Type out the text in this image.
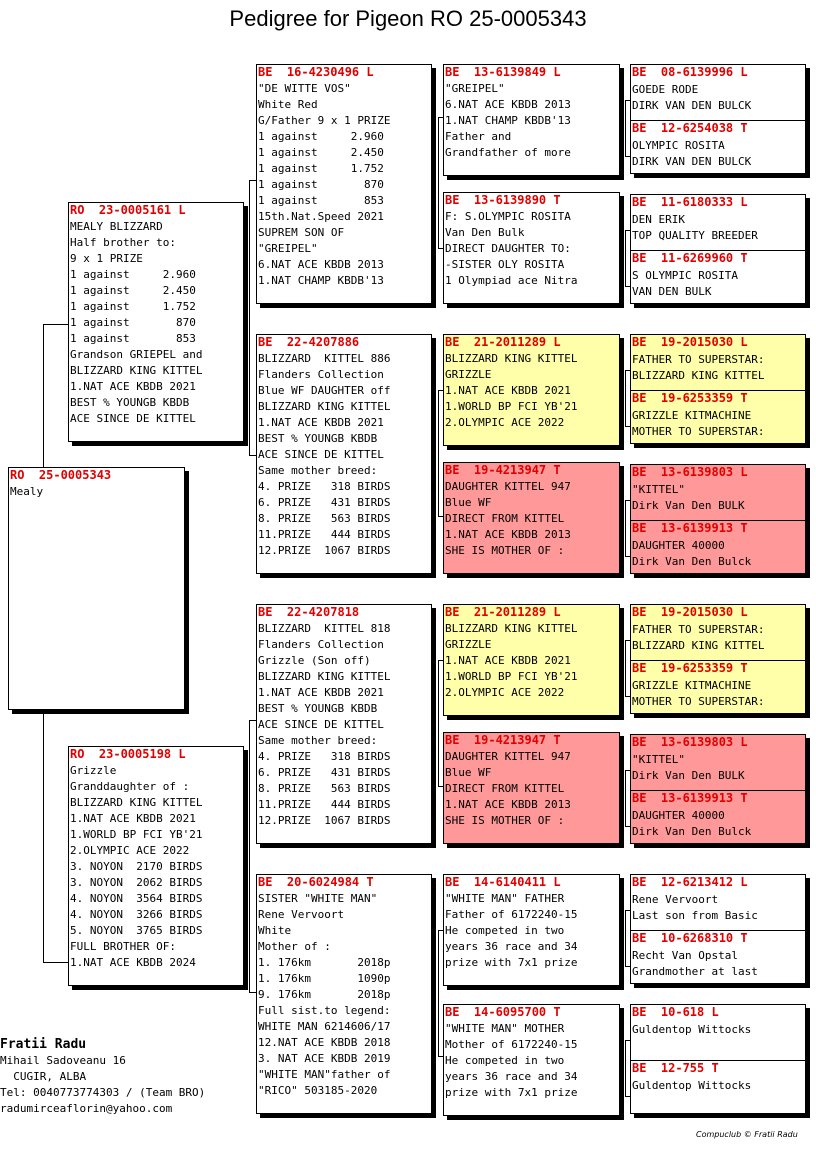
Pedigree for Pigeon RO 25-0005343
RO  25-0005343
Mealy
RO  23-0005161 L
MEALY BLIZZARD
Half brother to:
9 x 1 PRIZE
1 against     2.960
1 against     2.450
1 against     1.752
1 against       870
1 against       853
Grandson GRIEPEL and
BLIZZARD KING KITTEL
1.NAT ACE KBDB 2021
BEST % YOUNGB KBDB
ACE SINCE DE KITTEL
RO  23-0005198 L
Grizzle
Granddaughter of :
BLIZZARD KING KITTEL
1.NAT ACE KBDB 2021
1.WORLD BP FCI YB'21
2.OLYMPIC ACE 2022
3. NOYON  2170 BIRDS
3. NOYON  2062 BIRDS
4. NOYON  3564 BIRDS
4. NOYON  3266 BIRDS
5. NOYON  3765 BIRDS
FULL BROTHER OF:
1.NAT ACE KBDB 2024
BE  16-4230496 L
"DE WITTE VOS"
White Red
G/Father 9 x 1 PRIZE
1 against     2.960
1 against     2.450
1 against     1.752
1 against       870
1 against       853
15th.Nat.Speed 2021
SUPREM SON OF
"GREIPEL"
6.NAT ACE KBDB 2013
1.NAT CHAMP KBDB'13
BE  22-4207886
BLIZZARD  KITTEL 886
Flanders Collection
Blue WF DAUGHTER off
BLIZZARD KING KITTEL
1.NAT ACE KBDB 2021
BEST % YOUNGB KBDB
ACE SINCE DE KITTEL
Same mother breed:
4. PRIZE   318 BIRDS
6. PRIZE   431 BIRDS
8. PRIZE   563 BIRDS
11.PRIZE   444 BIRDS
12.PRIZE  1067 BIRDS
BE  22-4207818
BLIZZARD  KITTEL 818
Flanders Collection
Grizzle (Son off)
BLIZZARD KING KITTEL
1.NAT ACE KBDB 2021
BEST % YOUNGB KBDB
ACE SINCE DE KITTEL
Same mother breed:
4. PRIZE   318 BIRDS
6. PRIZE   431 BIRDS
8. PRIZE   563 BIRDS
11.PRIZE   444 BIRDS
12.PRIZE  1067 BIRDS
BE  20-6024984 T
SISTER "WHITE MAN"
Rene Vervoort
White
Mother of :
1. 176km       2018p
1. 176km       1090p
9. 176km       2018p
Full sist.to legend:
WHITE MAN 6214606/17
12.NAT ACE KBDB 2018
3. NAT ACE KBDB 2019
"WHITE MAN"father of
"RICO" 503185-2020
BE  13-6139849 L
"GREIPEL"
6.NAT ACE KBDB 2013
1.NAT CHAMP KBDB'13
Father and
Grandfather of more
BE  13-6139890 T
F: S.OLYMPIC ROSITA
Van Den Bulk
DIRECT DAUGHTER TO:
-SISTER OLY ROSITA
1 Olympiad ace Nitra
BE  21-2011289 L
BLIZZARD KING KITTEL
GRIZZLE
1.NAT ACE KBDB 2021
1.WORLD BP FCI YB'21
2.OLYMPIC ACE 2022
BE  19-4213947 T
DAUGHTER KITTEL 947
Blue WF
DIRECT FROM KITTEL
1.NAT ACE KBDB 2013
SHE IS MOTHER OF :
BE  21-2011289 L
BLIZZARD KING KITTEL
GRIZZLE
1.NAT ACE KBDB 2021
1.WORLD BP FCI YB'21
2.OLYMPIC ACE 2022
BE  19-4213947 T
DAUGHTER KITTEL 947
Blue WF
DIRECT FROM KITTEL
1.NAT ACE KBDB 2013
SHE IS MOTHER OF :
BE  14-6140411 L
"WHITE MAN" FATHER
Father of 6172240-15
He competed in two
years 36 race and 34
prize with 7x1 prize
BE  14-6095700 T
"WHITE MAN" MOTHER
Mother of 6172240-15
He competed in two
years 36 race and 34
prize with 7x1 prize
BE  08-6139996 L
GOEDE RODE
DIRK VAN DEN BULCK
BE  12-6254038 T
OLYMPIC ROSITA
DIRK VAN DEN BULCK
BE  11-6180333 L
DEN ERIK
TOP QUALITY BREEDER
BE  11-6269960 T
S OLYMPIC ROSITA
VAN DEN BULK
BE  19-2015030 L
FATHER TO SUPERSTAR:
BLIZZARD KING KITTEL
BE  19-6253359 T
GRIZZLE KITMACHINE
MOTHER TO SUPERSTAR:
BE  13-6139803 L
"KITTEL"
Dirk Van Den BULK
BE  13-6139913 T
DAUGHTER 40000
Dirk Van Den Bulck
BE  19-2015030 L
FATHER TO SUPERSTAR:
BLIZZARD KING KITTEL
BE  19-6253359 T
GRIZZLE KITMACHINE
MOTHER TO SUPERSTAR:
BE  13-6139803 L
"KITTEL"
Dirk Van Den BULK
BE  13-6139913 T
DAUGHTER 40000
Dirk Van Den Bulck
BE  12-6213412 L
Rene Vervoort
Last son from Basic
BE  10-6268310 T
Recht Van Opstal
Grandmother at last
BE  10-618 L
Guldentop Wittocks
BE  12-755 T
Guldentop Wittocks
Fratii Radu
Mihail Sadoveanu 16
CUGIR, ALBA
Tel: 0040773774303 / (Team BRO)
radumirceaflorin@yahoo.com
Compuclub © Fratii Radu
